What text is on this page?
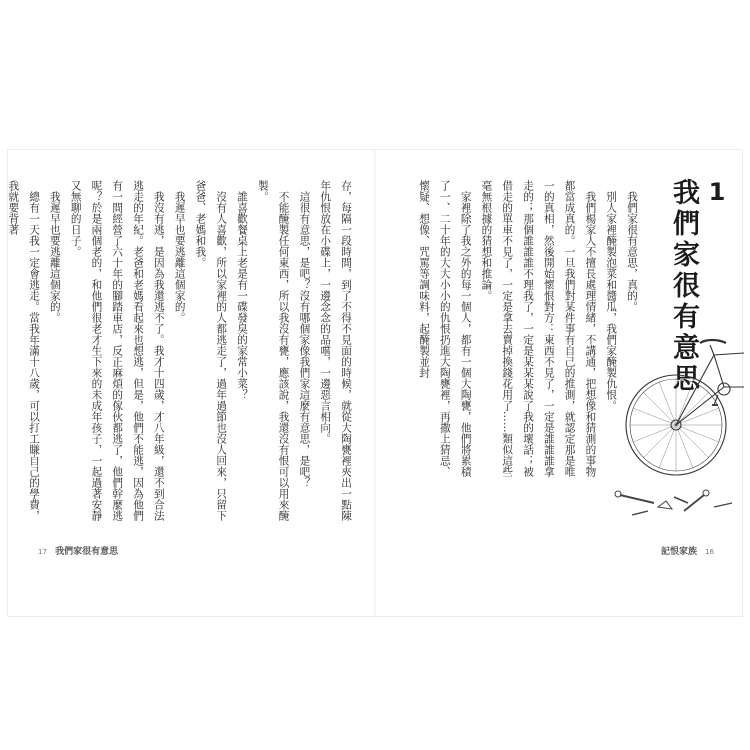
存，每隔一段時間，到了不得不見面的時候，就從大陶甕裡夾出一點陳年仇恨放在小碟上，一邊念念的品嚐，一邊惡言相向。

這很有意思，是吧？沒有哪個家像我們家這麼有意思，是吧？

不能醃製任何東西，所以我沒有甕，應該說，我還沒有恨可以用來醃製。

誰喜歡餐桌上老是有一碟發臭的家常小菜？

沒有人喜歡，所以家裡的人都逃走了，過年過節也沒人回來，只留下爸爸、老媽和我。

我遲早也要逃離這個家的。

我沒有逃，是因為我還逃不了。我才十四歲，才八年級，還不到合法逃走的年紀。老爸和老媽看起來也想逃，但是，他們不能逃，因為他們有一間經營了六十年的腳踏車店，反正麻煩的傢伙都逃了，他們幹麼逃呢？於是兩個老的，和他們很老才生下來的未成年孩子，一起過著安靜又無聊的日子。

我遲早也要逃離這個家的。

總有一天我一定會逃走。當我年滿十八歲，可以打工賺自己的學費，我就要背著

17 我們家很有意思
1
我們家很有意思

我們家很有意思，真的。

別人家裡醃製泡菜和醬瓜，我們家醃製仇恨。

我們楊家人不擅長處理情緒，不講通，把想像和猜測的事物都當成真的。一旦我們對某件事有自己的推測，就認定那是唯一的真相，然後開始懷恨對方：東西不見了，一定是誰誰誰拿走的；那個誰誰誰不理我了，一定是某某某說了我的壞話；被借走的單車不見了，一定是拿去賣掉換錢花用了……類似這些毫無根據的猜想和推論。

家裡除了我之外的每一個人，都有一個大陶甕，他們將累積了一、二十年的大大小小的仇恨扔進大陶甕裡，再撒上猜忌、懷疑、想像、咒罵等調味料，起醃製並封

記恨家族 16
